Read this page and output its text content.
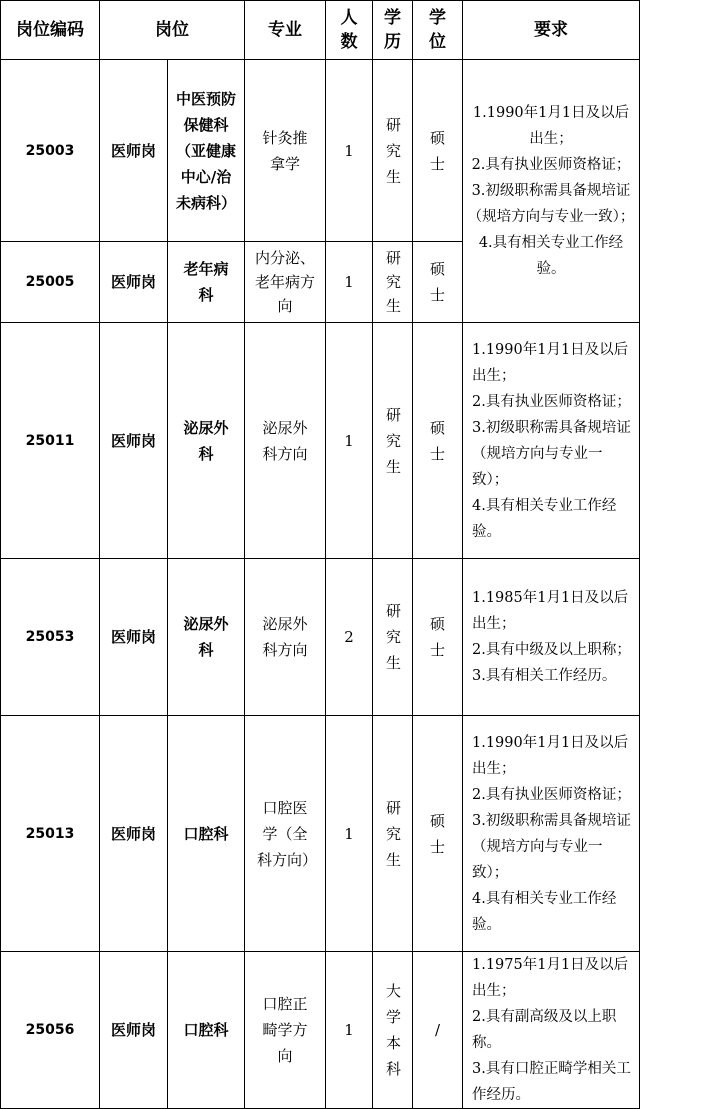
岗位编码	岗位		专业	人数	学历	学位	要求
25003	医师岗	中医预防保健科（亚健康中心/治未病科）	针灸推拿学	1	研究生	硕士	1.1990年1月1日及以后出生；
2.具有执业医师资格证；
3.初级职称需具备规培证（规培方向与专业一致）；
4.具有相关专业工作经验。

25005	医师岗	老年病科	内分泌、老年病方向	1	研究生	硕士	
25011	医师岗	泌尿外科	泌尿外科方向	1	研究生	硕士	1.1990年1月1日及以后出生；
2.具有执业医师资格证；
3.初级职称需具备规培证（规培方向与专业一致）；
4.具有相关专业工作经验。

25053	医师岗	泌尿外科	泌尿外科方向	2	研究生	硕士	1.1985年1月1日及以后出生；
2.具有中级及以上职称；
3.具有相关工作经历。

25013	医师岗	口腔科	口腔医学（全科方向）	1	研究生	硕士	1.1990年1月1日及以后出生；
2.具有执业医师资格证；
3.初级职称需具备规培证（规培方向与专业一致）；
4.具有相关专业工作经验。

25056	医师岗	口腔科	口腔正畸学方向	1	大学本科	/	1.1975年1月1日及以后出生；
2.具有副高级及以上职称。
3.具有口腔正畸学相关工作经历。
